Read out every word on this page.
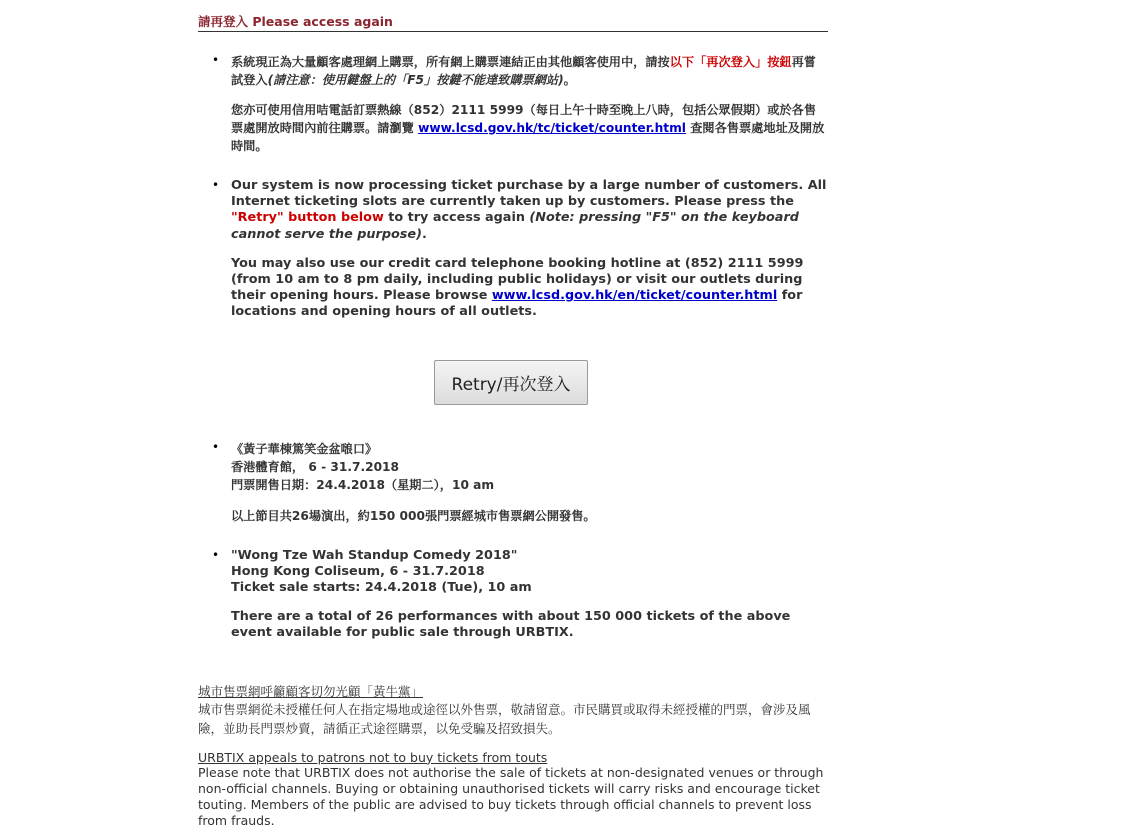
請再登入 Please access again
• 系統現正為大量顧客處理網上購票，所有網上購票連結正由其他顧客使用中，請按以下「再次登入」按鈕再嘗試登入(請注意：使用鍵盤上的「F5」按鍵不能達致購票網站)。

您亦可使用信用咭電話訂票熱線（852）2111 5999（每日上午十時至晚上八時，包括公眾假期）或於各售票處開放時間內前往購票。請瀏覽 www.lcsd.gov.hk/tc/ticket/counter.html 查閱各售票處地址及開放時間。

• Our system is now processing ticket purchase by a large number of customers. All Internet ticketing slots are currently taken up by customers. Please press the "Retry" button below to try access again (Note: pressing "F5" on the keyboard cannot serve the purpose).

You may also use our credit card telephone booking hotline at (852) 2111 5999 (from 10 am to 8 pm daily, including public holidays) or visit our outlets during their opening hours. Please browse www.lcsd.gov.hk/en/ticket/counter.html for locations and opening hours of all outlets.

Retry/再次登入
• 《黃子華棟篤笑金盆𠺘口》
香港體育館， 6 - 31.7.2018
門票開售日期：24.4.2018（星期二），10 am
以上節目共26場演出，約150 000張門票經城市售票網公開發售。
• "Wong Tze Wah Standup Comedy 2018"
Hong Kong Coliseum, 6 - 31.7.2018
Ticket sale starts: 24.4.2018 (Tue), 10 am
There are a total of 26 performances with about 150 000 tickets of the above event available for public sale through URBTIX.
城市售票網呼籲顧客切勿光顧「黃牛黨」
城市售票網從未授權任何人在指定場地或途徑以外售票，敬請留意。市民購買或取得未經授權的門票，會涉及風險，並助長門票炒賣，請循正式途徑購票，以免受騙及招致損失。
URBTIX appeals to patrons not to buy tickets from touts
Please note that URBTIX does not authorise the sale of tickets at non-designated venues or through non-official channels. Buying or obtaining unauthorised tickets will carry risks and encourage ticket touting. Members of the public are advised to buy tickets through official channels to prevent loss from frauds.
